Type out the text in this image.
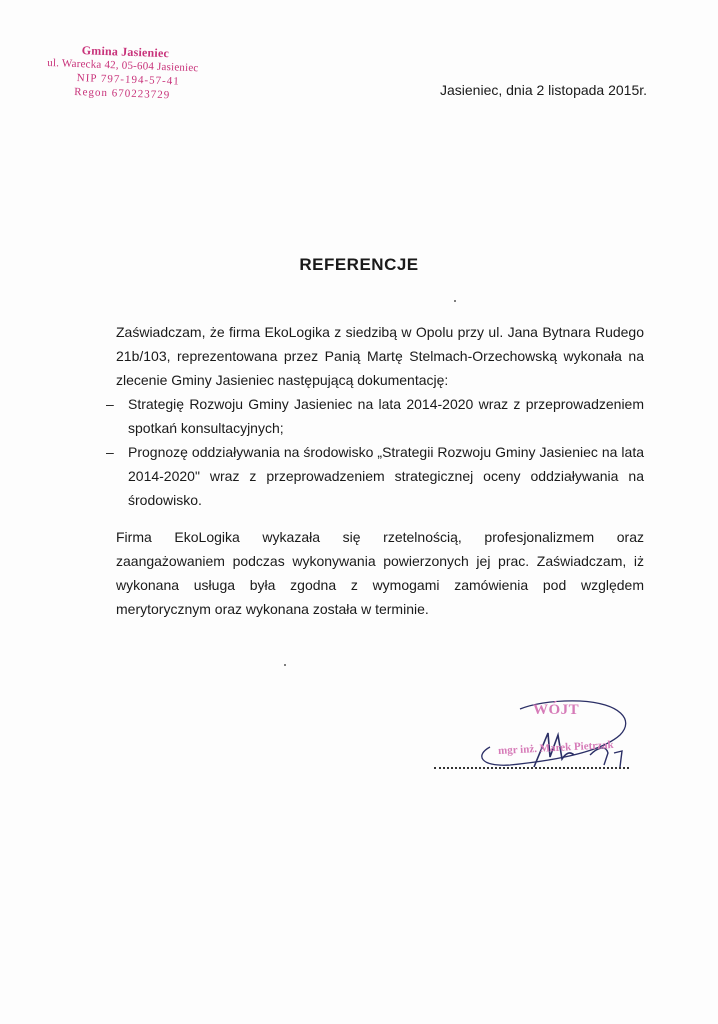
Gmina Jasieniec
ul. Warecka 42, 05-604 Jasieniec
NIP 797-194-57-41
Regon 670223729	Jasieniec, dnia 2 listopada 2015r.
REFERENCJE
Zaświadczam, że firma EkoLogika z siedzibą w Opolu przy ul. Jana Bytnara Rudego 21b/103, reprezentowana przez Panią Martę Stelmach-Orzechowską wykonała na zlecenie Gminy Jasieniec następującą dokumentację:
– Strategię Rozwoju Gminy Jasieniec na lata 2014-2020 wraz z przeprowadzeniem spotkań konsultacyjnych;
– Prognozę oddziaływania na środowisko „Strategii Rozwoju Gminy Jasieniec na lata 2014-2020" wraz z przeprowadzeniem strategicznej oceny oddziaływania na środowisko.
Firma EkoLogika wykazała się rzetelnością, profesjonalizmem oraz zaangażowaniem podczas wykonywania powierzonych jej prac. Zaświadczam, iż wykonana usługa była zgodna z wymogami zamówienia pod względem merytorycznym oraz wykonana została w terminie.
WÓJT
mgr inż. Marek Pietrzak
